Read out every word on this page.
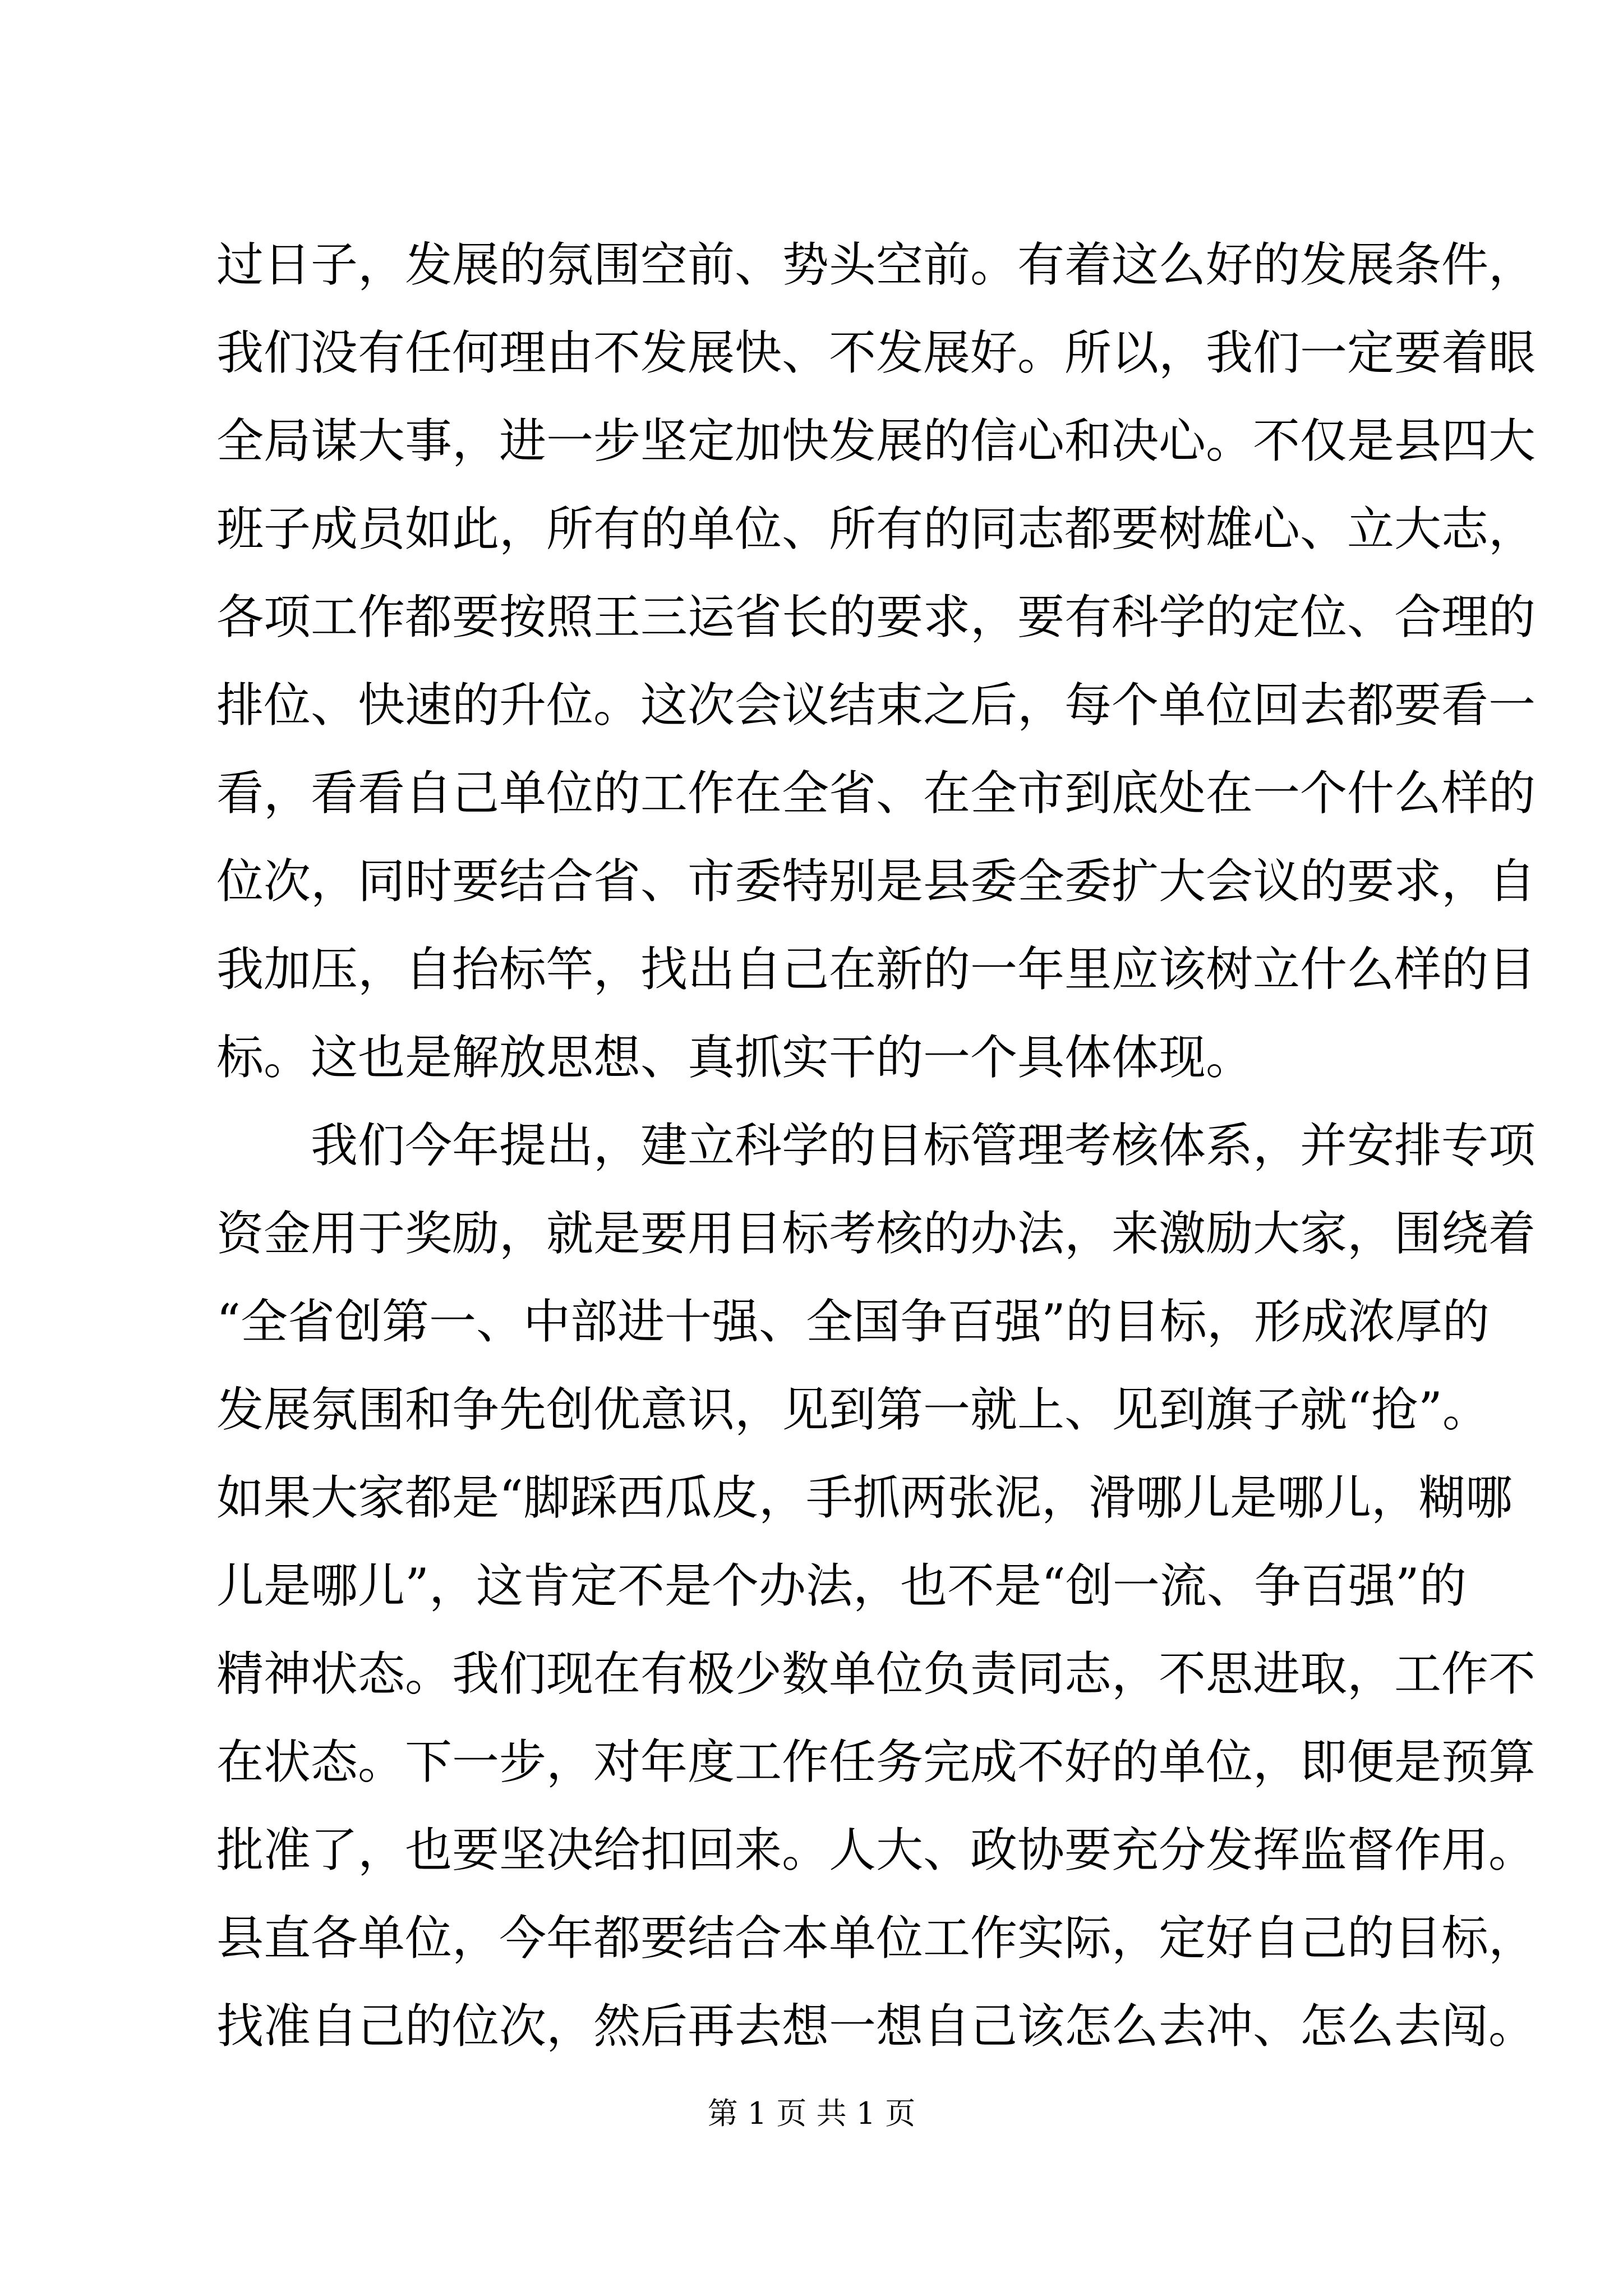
过日子，发展的氛围空前、势头空前。有着这么好的发展条件，
我们没有任何理由不发展快、不发展好。所以，我们一定要着眼
全局谋大事，进一步坚定加快发展的信心和决心。不仅是县四大
班子成员如此，所有的单位、所有的同志都要树雄心、立大志，
各项工作都要按照王三运省长的要求，要有科学的定位、合理的
排位、快速的升位。这次会议结束之后，每个单位回去都要看一
看，看看自己单位的工作在全省、在全市到底处在一个什么样的
位次，同时要结合省、市委特别是县委全委扩大会议的要求，自
我加压，自抬标竿，找出自己在新的一年里应该树立什么样的目
标。这也是解放思想、真抓实干的一个具体体现。
我们今年提出，建立科学的目标管理考核体系，并安排专项
资金用于奖励，就是要用目标考核的办法，来激励大家，围绕着
“全省创第一、中部进十强、全国争百强”的目标，形成浓厚的
发展氛围和争先创优意识，见到第一就上、见到旗子就“抢”。
如果大家都是“脚踩西瓜皮，手抓两张泥，滑哪儿是哪儿，糊哪
儿是哪儿”，这肯定不是个办法，也不是“创一流、争百强”的
精神状态。我们现在有极少数单位负责同志，不思进取，工作不
在状态。下一步，对年度工作任务完成不好的单位，即便是预算
批准了，也要坚决给扣回来。人大、政协要充分发挥监督作用。
县直各单位，今年都要结合本单位工作实际，定好自己的目标，
找准自己的位次，然后再去想一想自己该怎么去冲、怎么去闯。
第 1 页 共 1 页
